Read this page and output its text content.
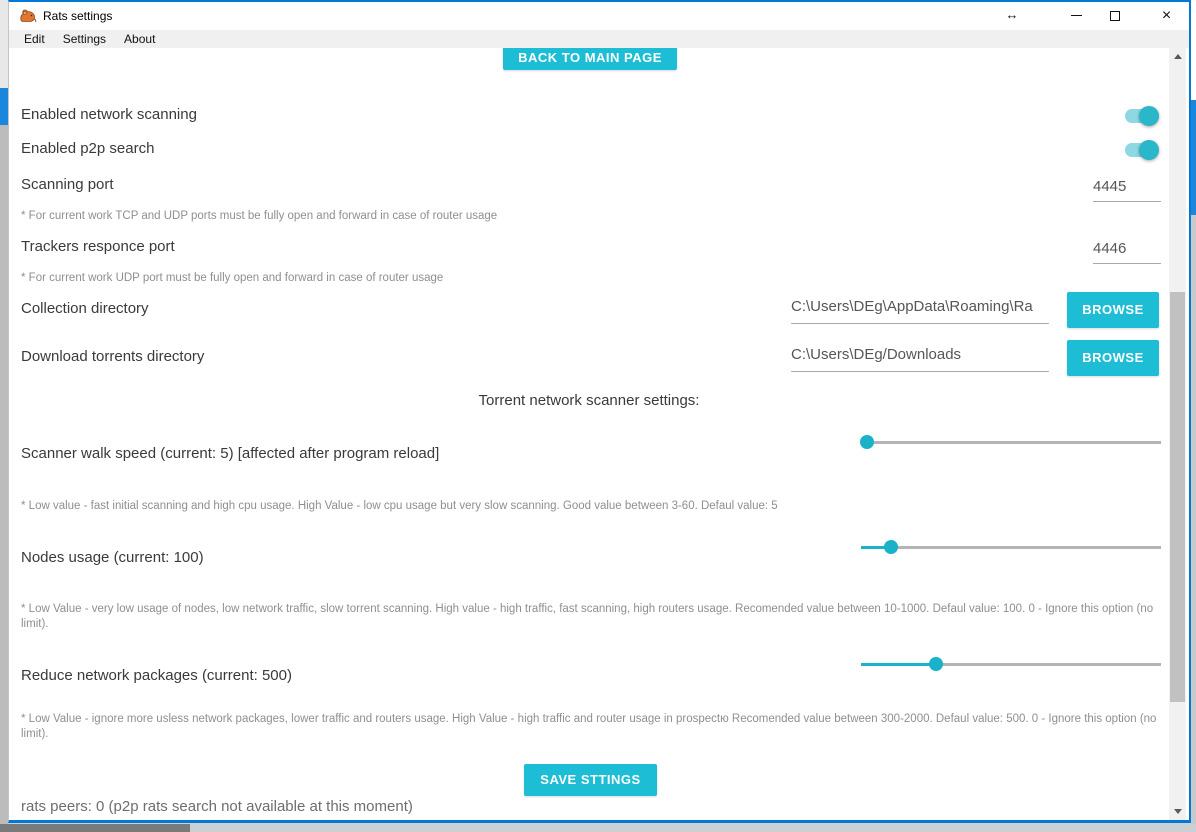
Rats settings	↔	×
Edit	Settings	About
BACK TO MAIN PAGE
Enabled network scanning
Enabled p2p search
Scanning port	4445
* For current work TCP and UDP ports must be fully open and forward in case of router usage
Trackers responce port	4446
* For current work UDP port must be fully open and forward in case of router usage
Collection directory	C:\Users\DEg\AppData\Roaming\Ra	BROWSE
Download torrents directory	C:\Users\DEg/Downloads	BROWSE
Torrent network scanner settings:
Scanner walk speed (current: 5) [affected after program reload]
* Low value - fast initial scanning and high cpu usage. High Value - low cpu usage but very slow scanning. Good value between 3-60. Defaul value: 5
Nodes usage (current: 100)
* Low Value - very low usage of nodes, low network traffic, slow torrent scanning. High value - high traffic, fast scanning, high routers usage. Recomended value between 10-1000. Defaul value: 100. 0 - Ignore this option (no limit).
Reduce network packages (current: 500)
* Low Value - ignore more usless network packages, lower traffic and routers usage. High Value - high traffic and router usage in prospectю Recomended value between 300-2000. Defaul value: 500. 0 - Ignore this option (no limit).
SAVE STTINGS
rats peers: 0 (p2p rats search not available at this moment)
